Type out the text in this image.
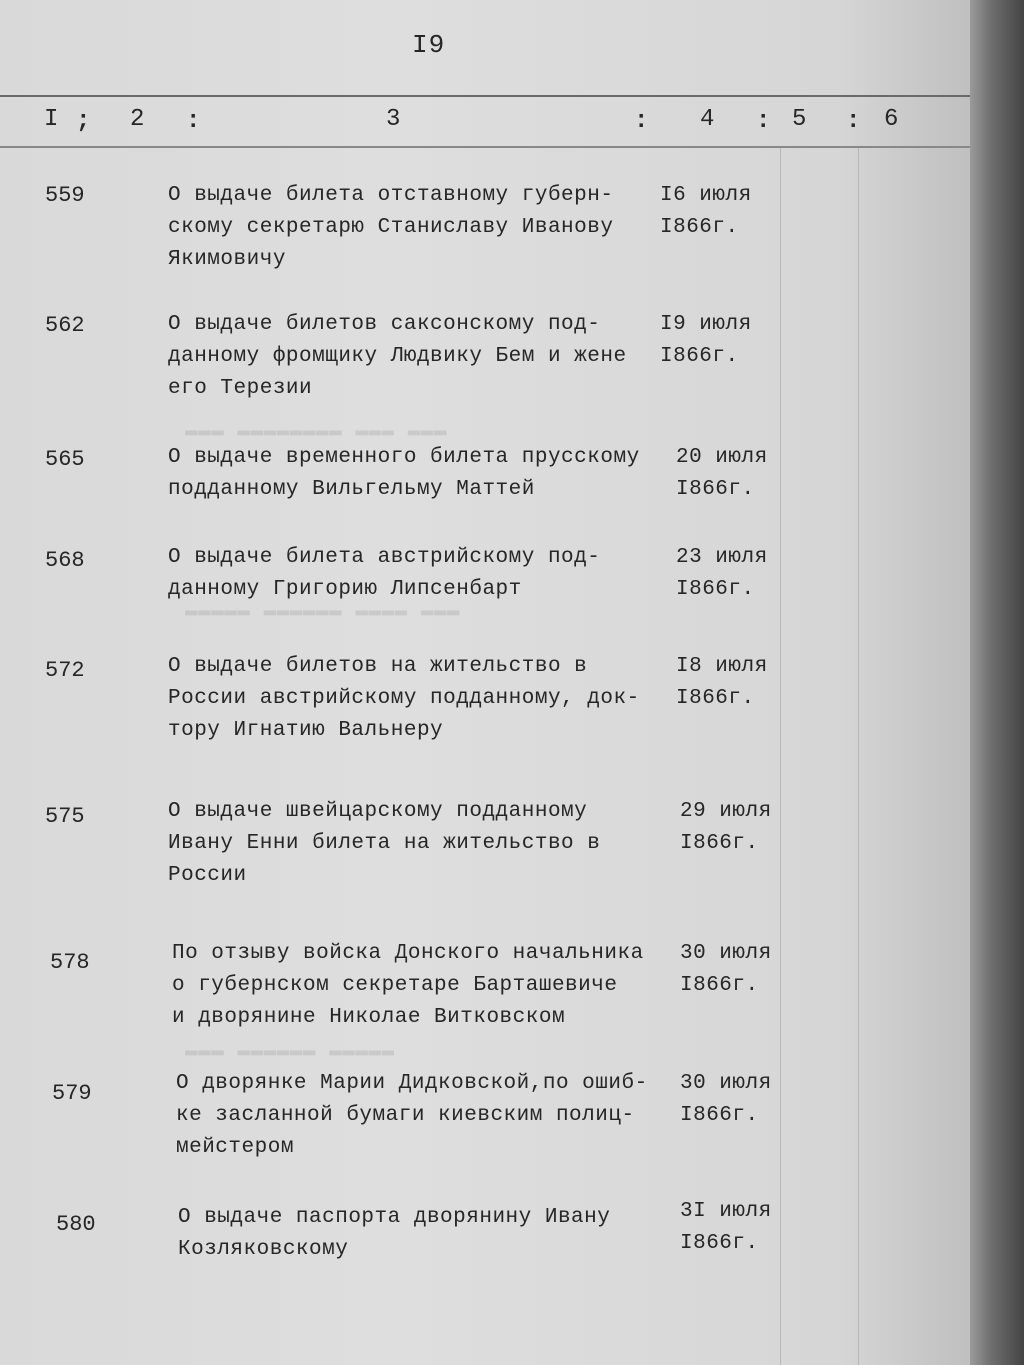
I9
I ; 2 :	3	: 4 : 5 : 6
▬▬▬ ▬▬▬▬▬▬▬▬ ▬▬▬ ▬▬▬
▬▬▬▬▬ ▬▬▬▬▬▬ ▬▬▬▬ ▬▬▬
▬▬▬ ▬▬▬▬▬▬ ▬▬▬▬▬
559	О выдаче билета отставному губерн-
скому секретарю Станиславу Иванову
Якимовичу
I6 июля
I866г.
562	О выдаче билетов саксонскому под-
данному фромщику Людвику Бем и жене
его Терезии
I9 июля
I866г.
565	О выдаче временного билета прусскому
подданному Вильгельму Маттей
20 июля
I866г.
568	О выдаче билета австрийскому под-
данному Григорию Липсенбарт
23 июля
I866г.
572	О выдаче билетов на жительство в
России австрийскому подданному, док-
тору Игнатию Вальнеру
I8 июля
I866г.
575	О выдаче швейцарскому подданному
Ивану Енни билета на жительство в
России
29 июля
I866г.
578	По отзыву войска Донского начальника
о губернском секретаре Барташевиче
и дворянине Николае Витковском
30 июля
I866г.
579	О дворянке Марии Дидковской,по ошиб-
ке засланной бумаги киевским полиц-
мейстером
30 июля
I866г.
580	О выдаче паспорта дворянину Ивану
Козляковскому
3I июля
I866г.
